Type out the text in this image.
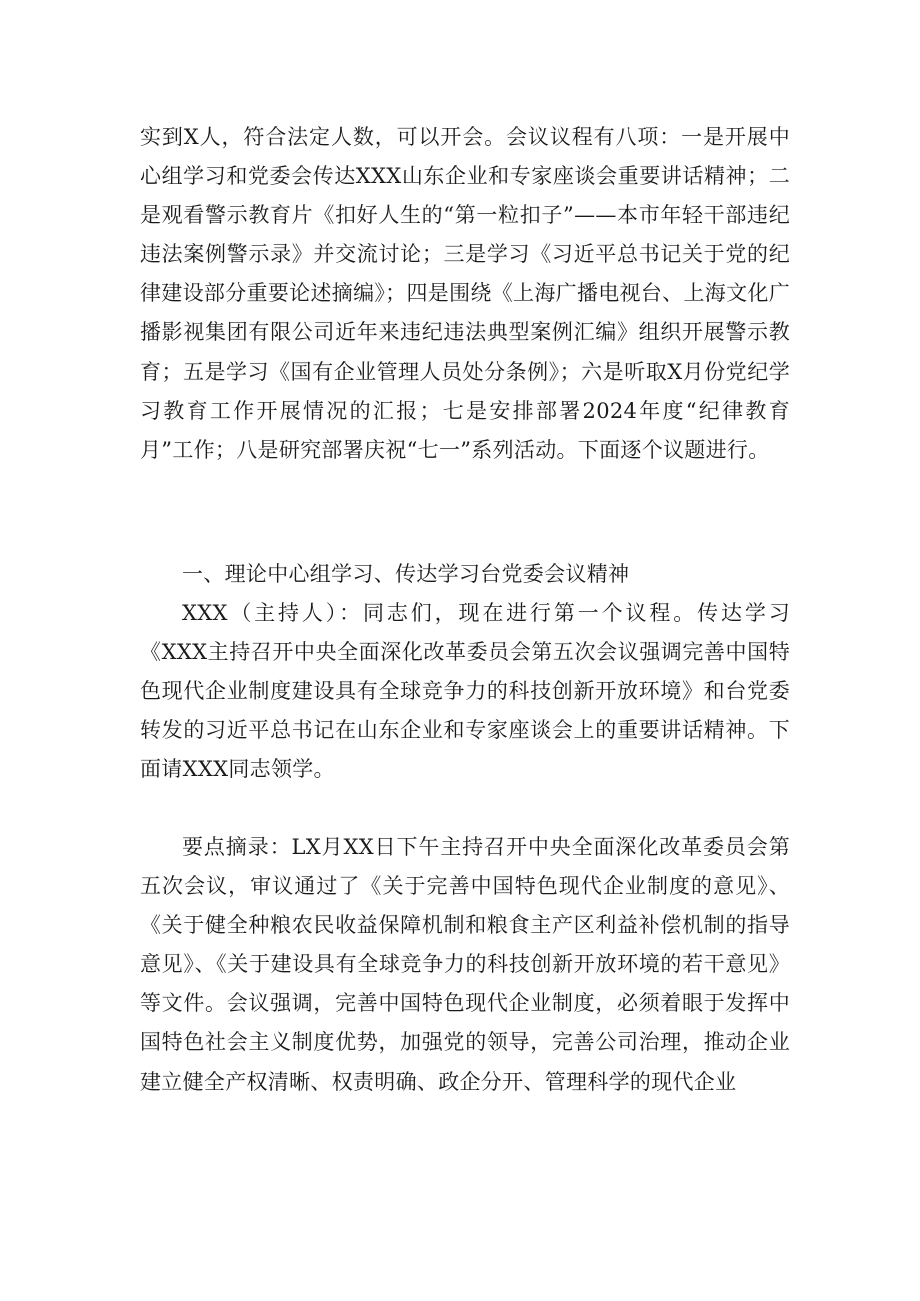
实到X人，符合法定人数，可以开会。会议议程有八项：一是开展中心组学习和党委会传达XXX山东企业和专家座谈会重要讲话精神；二是观看警示教育片《扣好人生的“第一粒扣子”——本市年轻干部违纪违法案例警示录》并交流讨论；三是学习《习近平总书记关于党的纪律建设部分重要论述摘编》；四是围绕《上海广播电视台、上海文化广播影视集团有限公司近年来违纪违法典型案例汇编》组织开展警示教育；五是学习《国有企业管理人员处分条例》；六是听取X月份党纪学习教育工作开展情况的汇报；七是安排部署2024年度“纪律教育月”工作；八是研究部署庆祝“七一”系列活动。下面逐个议题进行。

一、理论中心组学习、传达学习台党委会议精神

XXX（主持人）：同志们，现在进行第一个议程。传达学习《XXX主持召开中央全面深化改革委员会第五次会议强调完善中国特色现代企业制度建设具有全球竞争力的科技创新开放环境》和台党委转发的习近平总书记在山东企业和专家座谈会上的重要讲话精神。下面请XXX同志领学。

要点摘录：LX月XX日下午主持召开中央全面深化改革委员会第五次会议，审议通过了《关于完善中国特色现代企业制度的意见》、《关于健全种粮农民收益保障机制和粮食主产区利益补偿机制的指导意见》、《关于建设具有全球竞争力的科技创新开放环境的若干意见》等文件。会议强调，完善中国特色现代企业制度，必须着眼于发挥中国特色社会主义制度优势，加强党的领导，完善公司治理，推动企业建立健全产权清晰、权责明确、政企分开、管理科学的现代企业
